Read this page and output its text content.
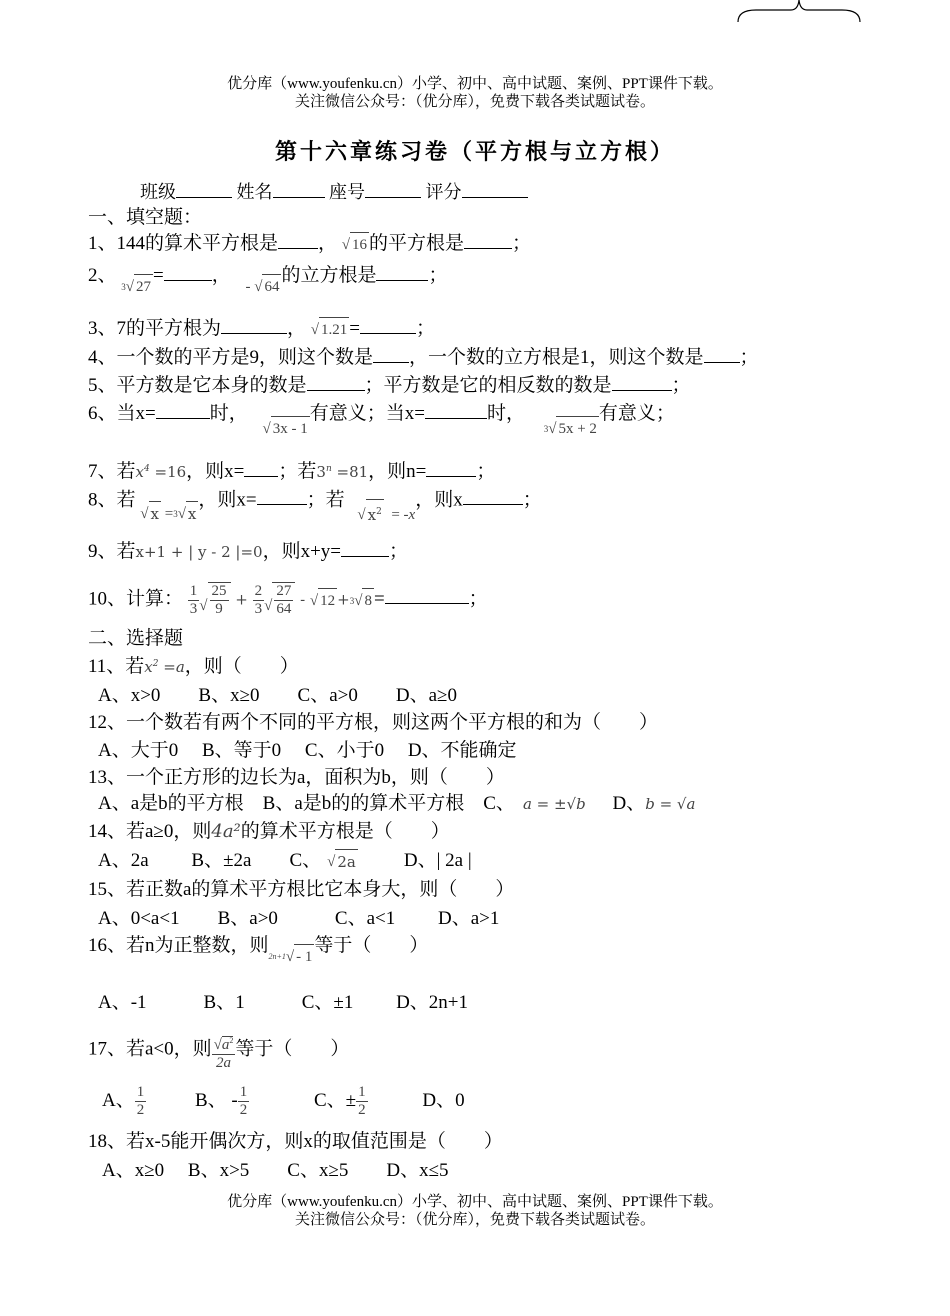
优分库（www.youfenku.cn）小学、初中、高中试题、案例、PPT课件下载。
关注微信公众号：（优分库），免费下载各类试题试卷。
第十六章练习卷（平方根与立方根）
班级	姓名	座号	评分
一、填空题：
1、144的算术平方根是 ， √ 16 的平方根是	；
2、
3 √ 27
=	， - √ 64
的立方根是	；
3、7的平方根为	， √ 1.21 =	；
4、一个数的平方是9，则这个数是 ，一个数的立方根是1，则这个数是 ；
5、平方数是它本身的数是	；平方数是它的相反数的数是	；
6、当x=	时， √ 3x - 1
有意义；当x=	时，
3 √ 5x + 2
有意义；
7、若$x^4 =16$，则x= ；若$3^n =81$，则n=	；
8、若 √ x = 3 √ x
，则x=	；若 √ $x^2$ = - x
，则x	；
9、若x+1 + | y - 2 |=0，则x+y=	；
10、计算： $\frac{1}{3}$ √ $\frac{25}{9} + \frac{2}{3}$ √ $\frac{27}{64}$ - √ 12 + 3 √ 8 =	；
二、选择题
11、若$x^2 =a$，则（　　）
A、x>0　　B、x≥0　　C、a>0　　D、a≥0
12、一个数若有两个不同的平方根，则这两个平方根的和为（　　）
A、大于0　 B、等于0　 C、小于0　 D、不能确定
13、一个正方形的边长为a，面积为b，则（　　）
A、a是b的平方根　B、a是b的的算术平方根　C、 a = ±√b D、b = √a
14、若a≥0，则4a²的算术平方根是（　　）
A、2a　　 B、±2a　　C、 √ 2a	D、| 2a |
15、若正数a的算术平方根比它本身大，则（　　）
A、0<a<1　　B、a>0　　　C、a<1　　 D、a>1
16、若n为正整数，则
2n+1 √ - 1
等于（　　）
A、-1　　　B、1　　　C、±1　　 D、2n+1
17、若a<0，则 $\frac{√a^2}{2a}$ 等于（　　）
A、 $\frac{1}{2}$	B、 - $\frac{1}{2}$	C、± $\frac{1}{2}$	D、0
18、若x-5能开偶次方，则x的取值范围是（　　）
A、x≥0　 B、x>5　　C、x≥5　　D、x≤5
优分库（www.youfenku.cn）小学、初中、高中试题、案例、PPT课件下载。
关注微信公众号：（优分库），免费下载各类试题试卷。
